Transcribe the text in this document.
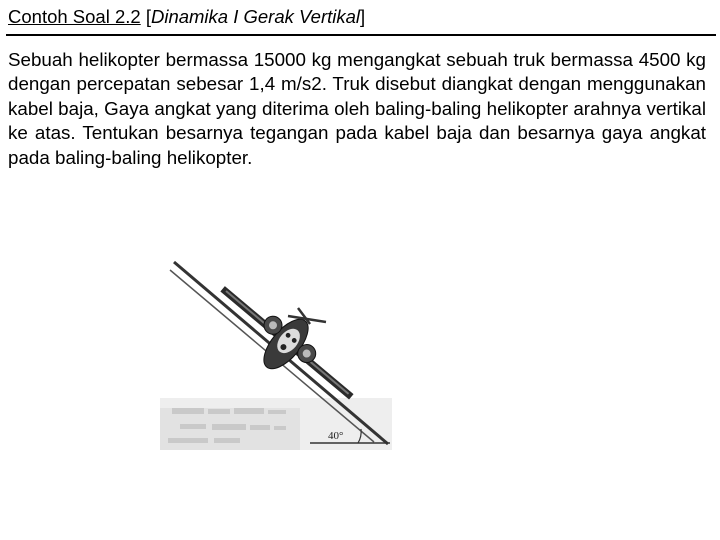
Contoh Soal 2.2 [Dinamika I Gerak Vertikal]
Sebuah helikopter bermassa 15000 kg mengangkat sebuah truk bermassa 4500 kg dengan percepatan sebesar 1,4 m/s2. Truk disebut diangkat dengan menggunakan kabel baja, Gaya angkat yang diterima oleh baling-baling helikopter arahnya vertikal ke atas. Tentukan besarnya tegangan pada kabel baja dan besarnya gaya angkat pada baling-baling helikopter.
40°
